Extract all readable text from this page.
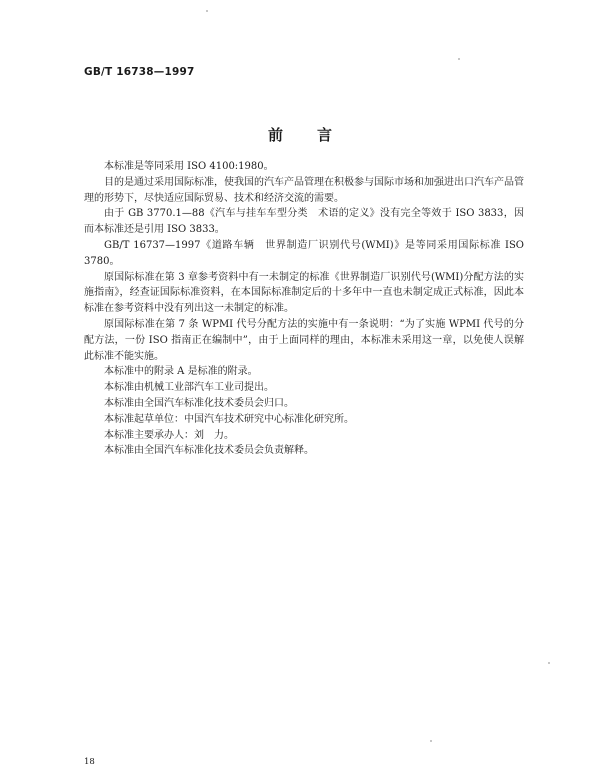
GB/T 16738—1997
前言

本标准是等同采用 ISO 4100:1980。

目的是通过采用国际标准，使我国的汽车产品管理在积极参与国际市场和加强进出口汽车产品管理的形势下，尽快适应国际贸易、技术和经济交流的需要。

由于 GB 3770.1—88《汽车与挂车车型分类　术语的定义》没有完全等效于 ISO 3833，因而本标准还是引用 ISO 3833。

GB/T 16737—1997《道路车辆　世界制造厂识别代号(WMI)》是等同采用国际标准 ISO 3780。

原国际标准在第 3 章参考资料中有一未制定的标准《世界制造厂识别代号(WMI)分配方法的实施指南》，经查证国际标准资料，在本国际标准制定后的十多年中一直也未制定成正式标准，因此本标准在参考资料中没有列出这一未制定的标准。

原国际标准在第 7 条 WPMI 代号分配方法的实施中有一条说明：“为了实施 WPMI 代号的分配方法，一份 ISO 指南正在编制中”，由于上面同样的理由，本标准未采用这一章，以免使人误解此标准不能实施。

本标准中的附录 A 是标准的附录。

本标准由机械工业部汽车工业司提出。

本标准由全国汽车标准化技术委员会归口。

本标准起草单位：中国汽车技术研究中心标准化研究所。

本标准主要承办人：刘　力。

本标准由全国汽车标准化技术委员会负责解释。

18
